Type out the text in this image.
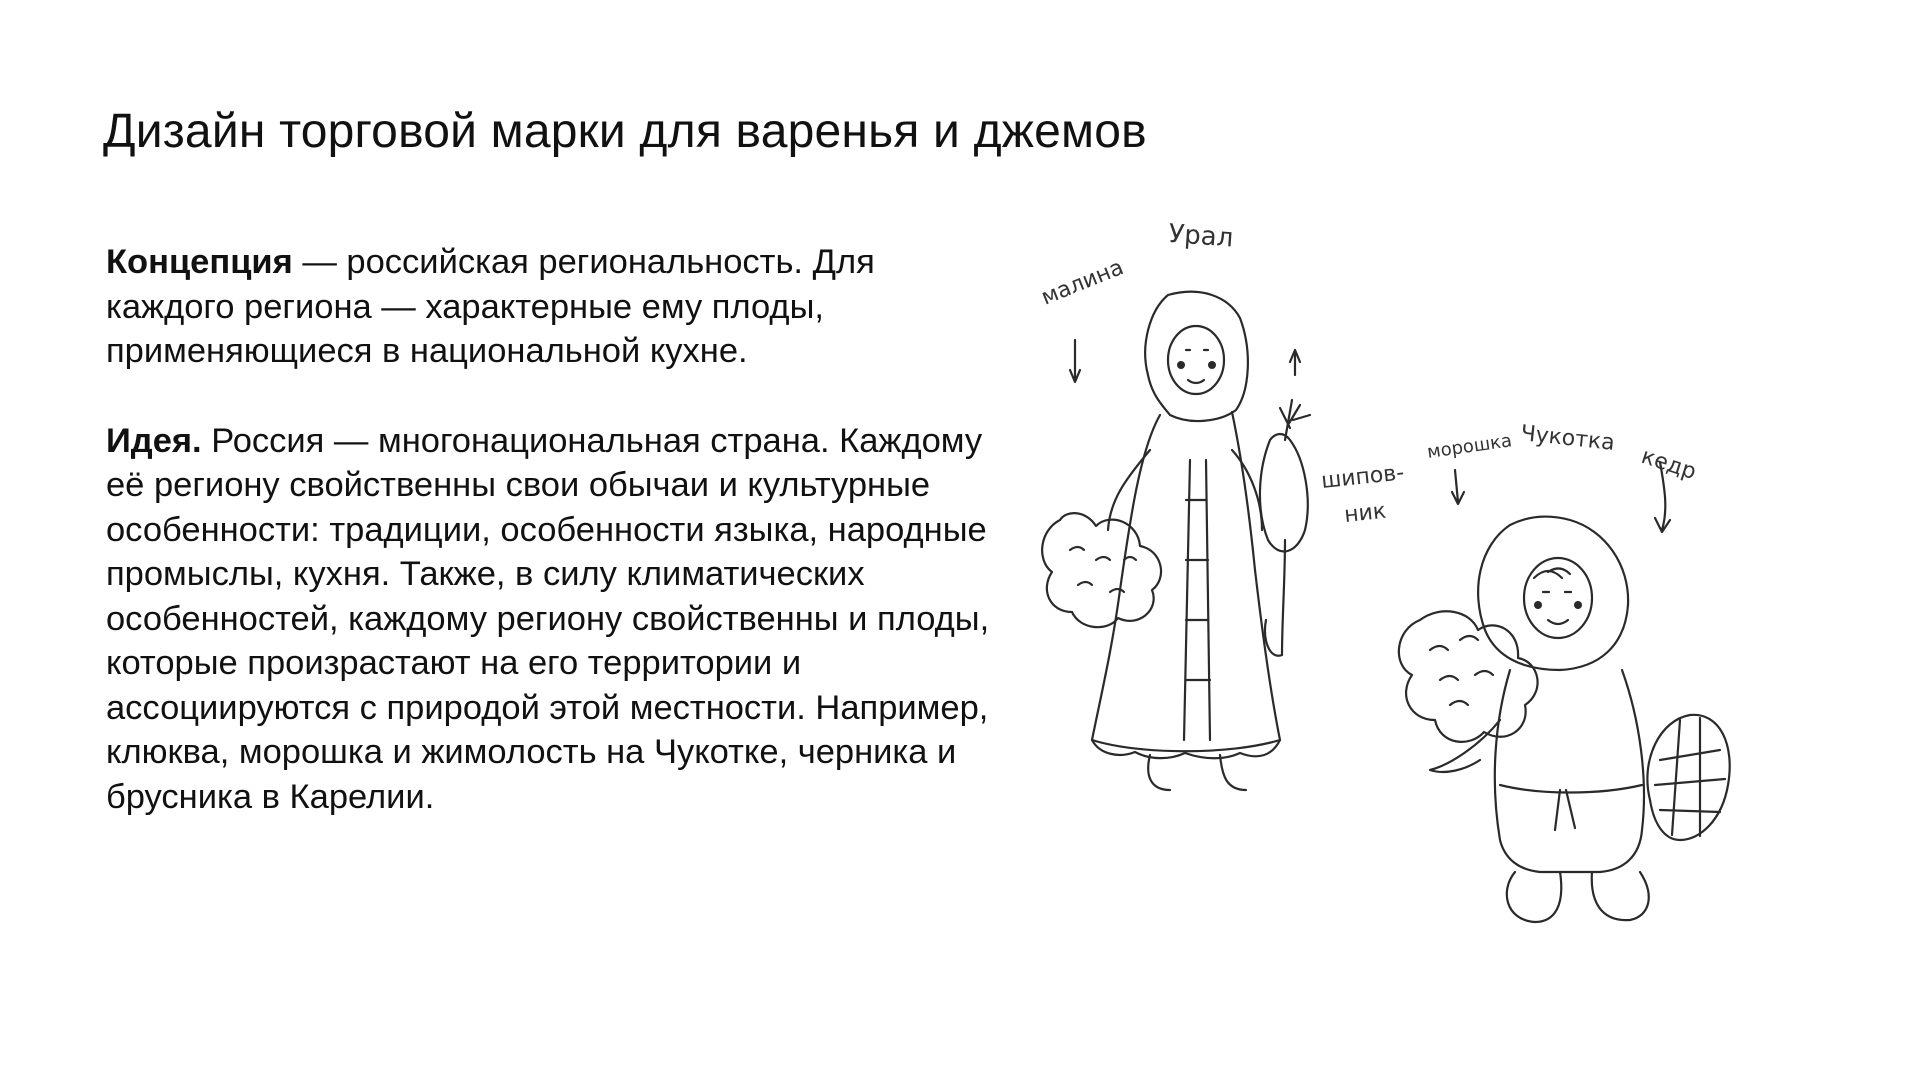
Дизайн торговой марки для варенья и джемов

Концепция — российская региональность. Для каждого региона — характерные ему плоды, применяющиеся в национальной кухне.

Идея. Россия — многонациональная страна. Каждому её региону свойственны свои обычаи и культурные особенности: традиции, особенности языка, народные промыслы, кухня. Также, в силу климатических особенностей, каждому региону свойственны и плоды, которые произрастают на его территории и ассоциируются с природой этой местности. Например, клюква, морошка и жимолость на Чукотке, черника и брусника в Карелии.

Урал
малина
шипов-
ник
Чукотка
морошка	кедр
